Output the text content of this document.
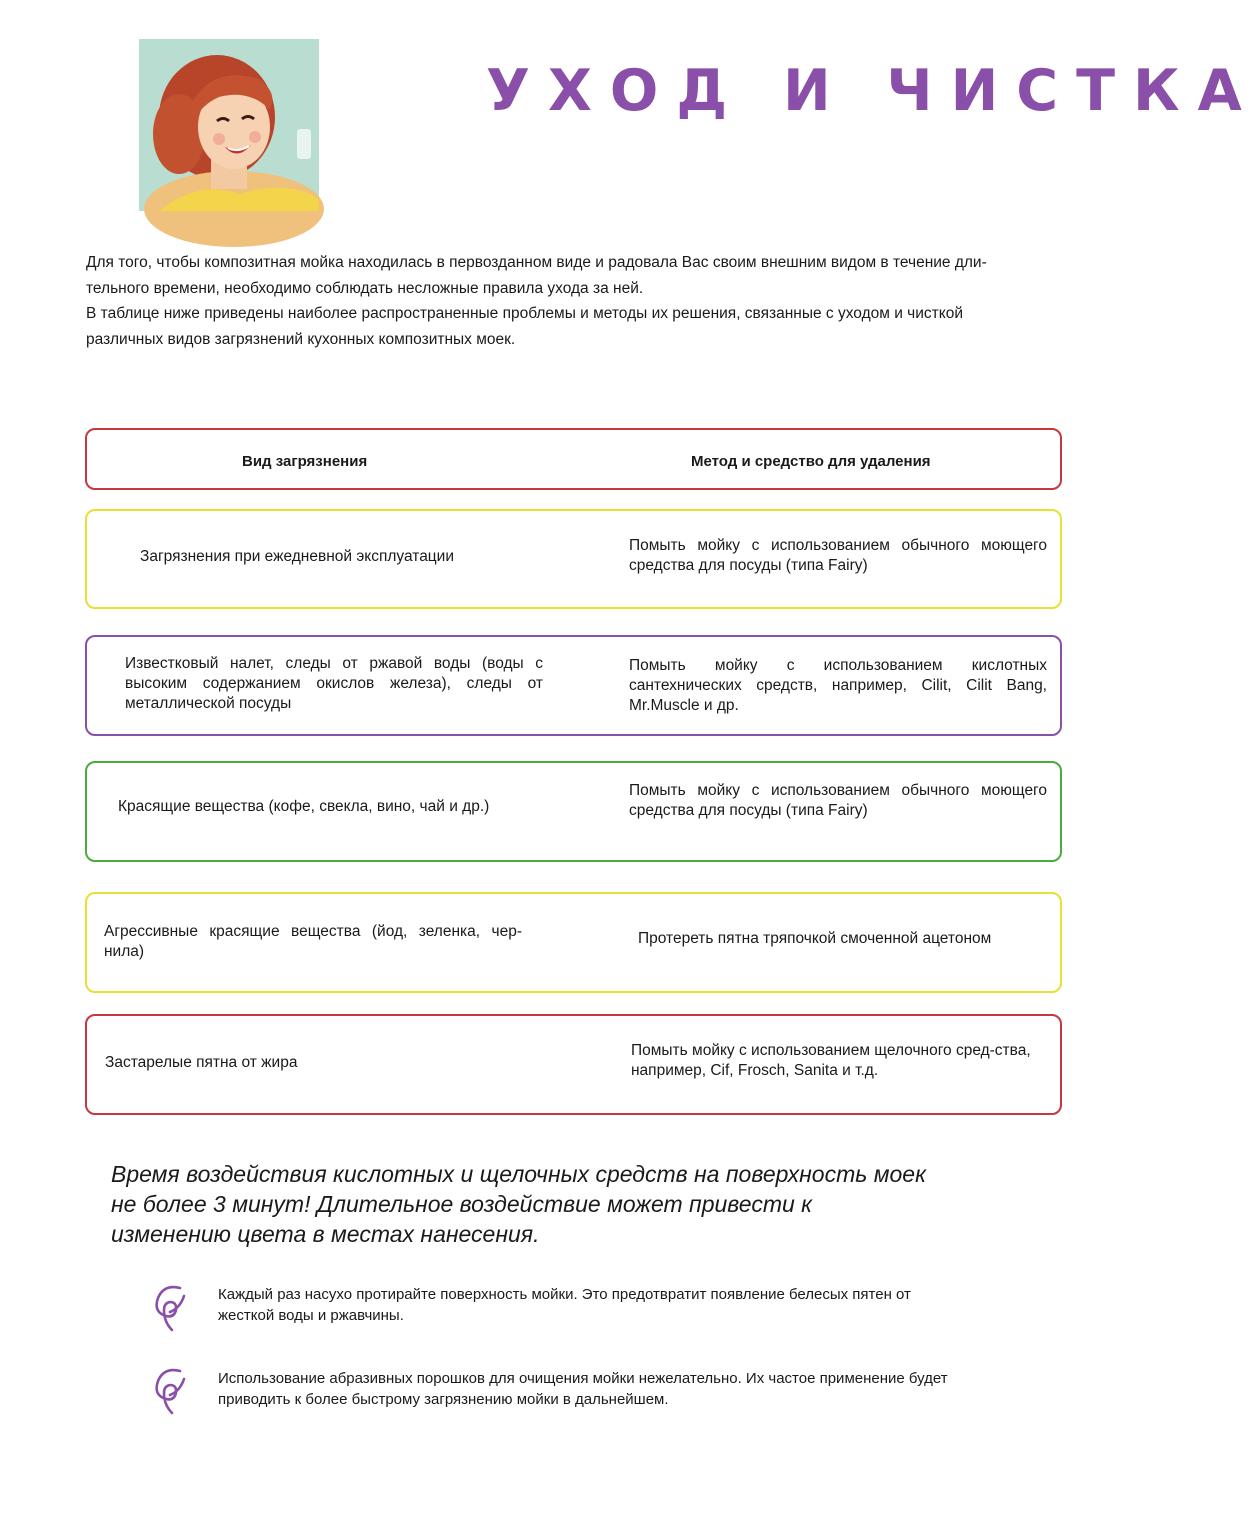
УХОД И ЧИСТКА

Для того, чтобы композитная мойка находилась в первозданном виде и радовала Вас своим внешним видом в течение дли-

тельного времени, необходимо соблюдать несложные правила ухода за ней.

В таблице ниже приведены наиболее распространенные проблемы и методы их решения, связанные с уходом и чисткой

различных видов загрязнений кухонных композитных моек.

Вид загрязнения	Метод и средство для удаления
Загрязнения при ежедневной эксплуатации
Помыть мойку с использованием обычного моющего средства для посуды (типа Fairy)
Известковый налет, следы от ржавой воды (воды с высоким содержанием окислов железа), следы от металлической посуды
Помыть мойку с использованием кислотных сантехнических средств, например, Cilit, Cilit Bang, Mr.Muscle и др.
Красящие вещества (кофе, свекла, вино, чай и др.)
Помыть мойку с использованием обычного моющего средства для посуды (типа Fairy)
Агрессивные красящие вещества (йод, зеленка, чер-нила)
Протереть пятна тряпочкой смоченной ацетоном
Застарелые пятна от жира
Помыть мойку с использованием щелочного сред-ства, например, Cif, Frosch, Sanita и т.д.
Время воздействия кислотных и щелочных средств на поверхность моек
не более 3 минут! Длительное воздействие может привести к
изменению цвета в местах нанесения.
Каждый раз насухо протирайте поверхность мойки. Это предотвратит появление белесых пятен от
жесткой воды и ржавчины.
Использование абразивных порошков для очищения мойки нежелательно. Их частое применение будет
приводить к более быстрому загрязнению мойки в дальнейшем.
